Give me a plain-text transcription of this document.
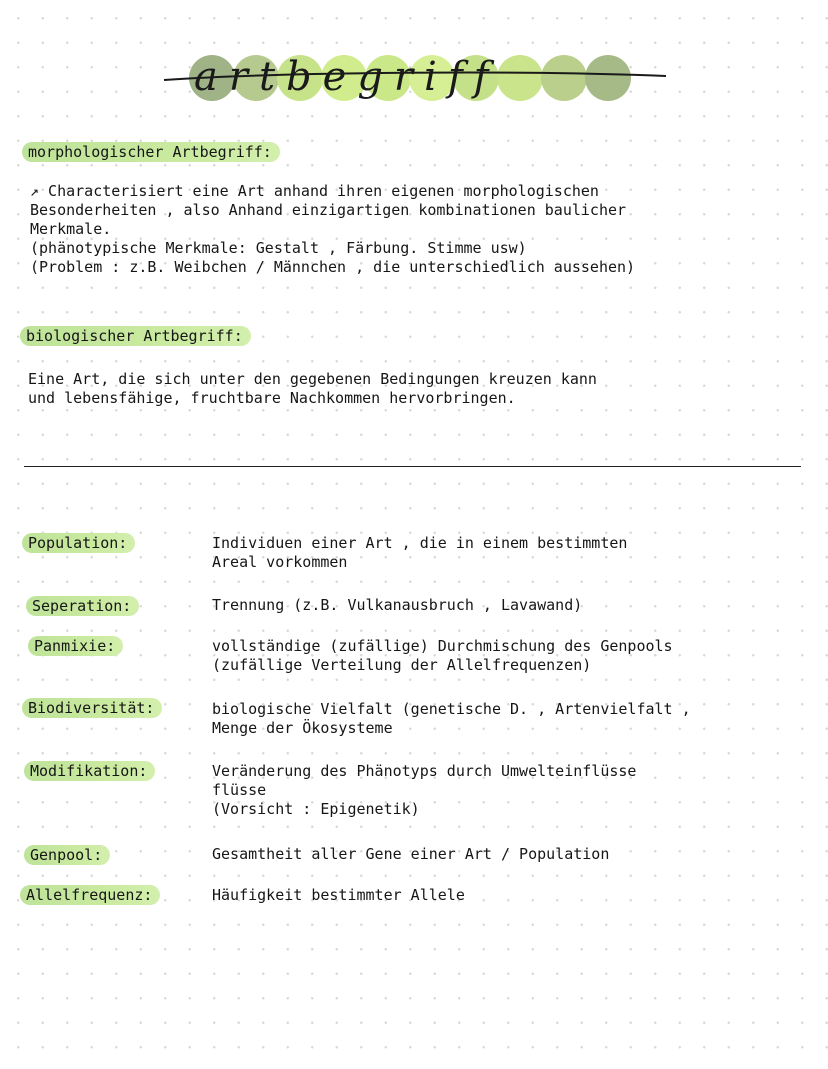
artbegriff
morphologischer Artbegriff:
↗ Characterisiert eine Art anhand ihren eigenen morphologischen
Besonderheiten , also Anhand einzigartigen kombinationen baulicher
Merkmale.
(phänotypische Merkmale: Gestalt , Färbung. Stimme usw)
(Problem : z.B. Weibchen / Männchen , die unterschiedlich aussehen)
biologischer Artbegriff:
Eine Art, die sich unter den gegebenen Bedingungen kreuzen kann
und lebensfähige, fruchtbare Nachkommen hervorbringen.
Population:	Individuen einer Art , die in einem bestimmten
Areal vorkommen
Seperation:	Trennung (z.B. Vulkanausbruch , Lavawand)
Panmixie:	vollständige (zufällige) Durchmischung des Genpools
(zufällige Verteilung der Allelfrequenzen)
Biodiversität:	biologische Vielfalt (genetische D. , Artenvielfalt ,
Menge der Ökosysteme
Modifikation:	Veränderung des Phänotyps durch Umwelteinflüsse
flüsse
(Vorsicht : Epigenetik)
Genpool:	Gesamtheit aller Gene einer Art / Population
Allelfrequenz:	Häufigkeit bestimmter Allele
